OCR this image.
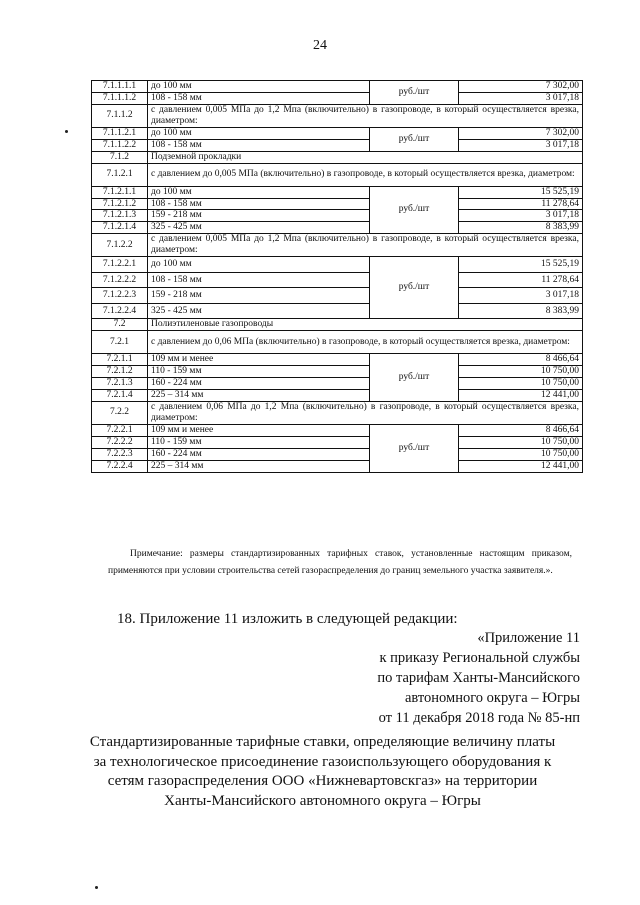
24
7.1.1.1.1	до 100 мм	руб./шт	7 302,00
7.1.1.1.2	108 - 158 мм		3 017,18
7.1.1.2	с давлением 0,005 МПа до 1,2 Мпа (включительно) в газопроводе, в который осуществляется врезка, диаметром:		
7.1.1.2.1	до 100 мм	руб./шт	7 302,00
7.1.1.2.2	108 - 158 мм		3 017,18
7.1.2	Подземной прокладки		
7.1.2.1	с давлением до 0,005 МПа (включительно) в газопроводе, в который осуществляется врезка, диаметром:		
7.1.2.1.1	до 100 мм	руб./шт	15 525,19
7.1.2.1.2	108 - 158 мм		11 278,64
7.1.2.1.3	159 - 218 мм		3 017,18
7.1.2.1.4	325 - 425 мм		8 383,99
7.1.2.2	с давлением 0,005 МПа до 1,2 Мпа (включительно) в газопроводе, в который осуществляется врезка, диаметром:		
7.1.2.2.1	до 100 мм	руб./шт	15 525,19
7.1.2.2.2	108 - 158 мм		11 278,64
7.1.2.2.3	159 - 218 мм		3 017,18
7.1.2.2.4	325 - 425 мм		8 383,99
7.2	Полиэтиленовые газопроводы		
7.2.1	с давлением до 0,06 МПа (включительно) в газопроводе, в который осуществляется врезка, диаметром:		
7.2.1.1	109 мм и менее	руб./шт	8 466,64
7.2.1.2	110 - 159 мм		10 750,00
7.2.1.3	160 - 224 мм		10 750,00
7.2.1.4	225 – 314 мм		12 441,00
7.2.2	с давлением 0,06 МПа до 1,2 Мпа (включительно) в газопроводе, в который осуществляется врезка, диаметром:		
7.2.2.1	109 мм и менее	руб./шт	8 466,64
7.2.2.2	110 - 159 мм		10 750,00
7.2.2.3	160 - 224 мм		10 750,00
7.2.2.4	225 – 314 мм		12 441,00
Примечание: размеры стандартизированных тарифных ставок, установленные настоящим приказом, применяются при условии строительства сетей газораспределения до границ земельного участка заявителя.».
18. Приложение 11 изложить в следующей редакции:
«Приложение 11
к приказу Региональной службы
по тарифам Ханты-Мансийского
автономного округа – Югры
от 11 декабря 2018 года № 85-нп
Стандартизированные тарифные ставки, определяющие величину платы
за технологическое присоединение газоиспользующего оборудования к
сетям газораспределения ООО «Нижневартовскгаз» на территории
Ханты-Мансийского автономного округа – Югры
